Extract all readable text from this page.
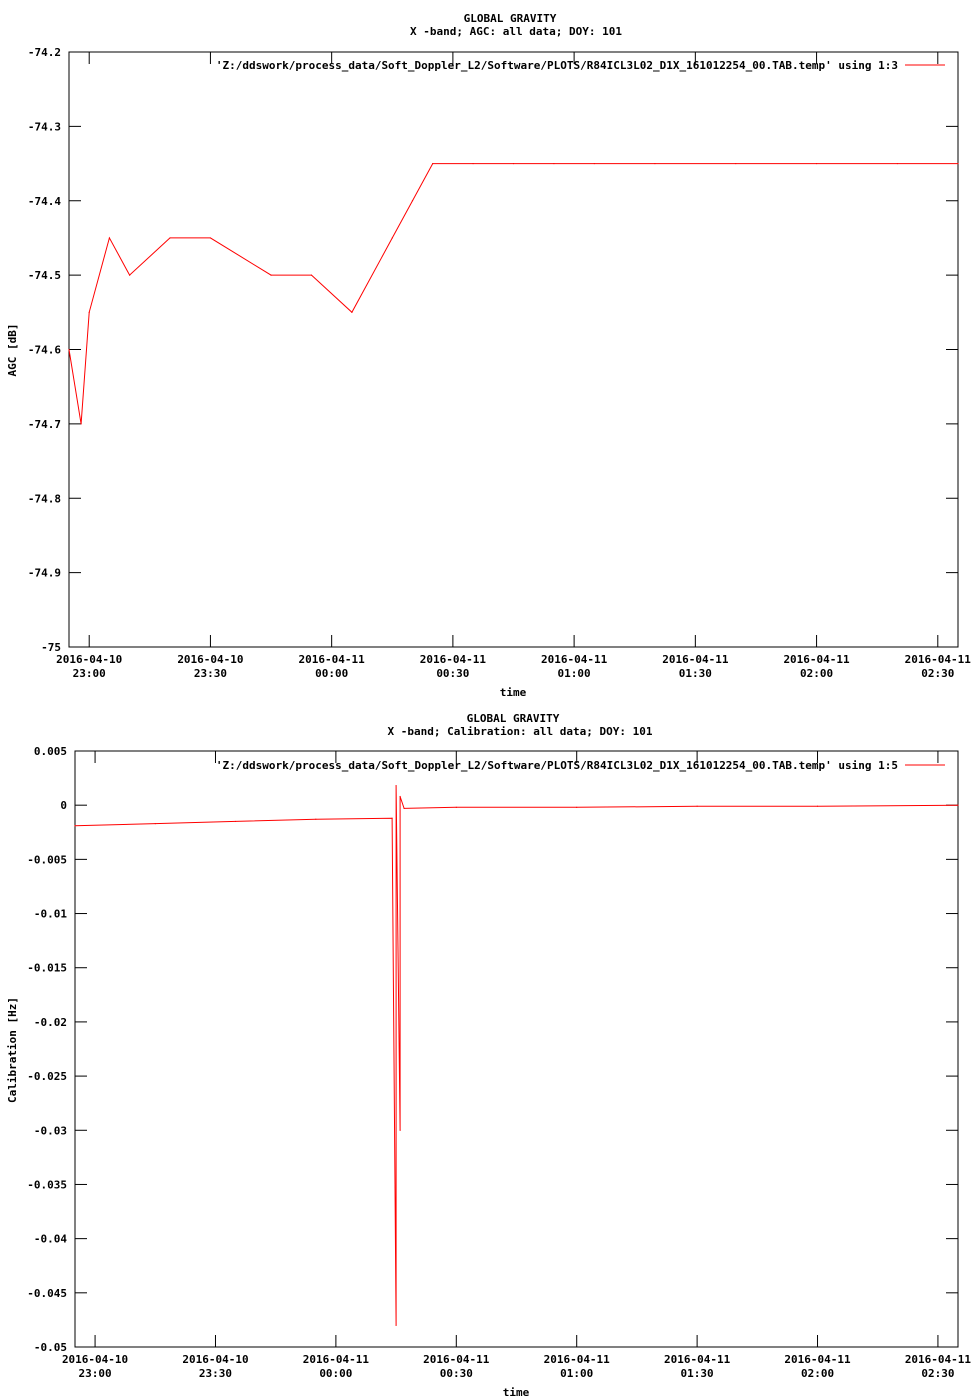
GLOBAL GRAVITY
X -band; AGC: all data; DOY: 101
AGC [dB]
time
'Z:/ddswork/process_data/Soft_Doppler_L2/Software/PLOTS/R84ICL3L02_D1X_161012254_00.TAB.temp' using 1:3
-74.2
-74.3
-74.4
-74.5
-74.6
-74.7
-74.8
-74.9
-75
2016-04-10
23:00
2016-04-10
23:30
2016-04-11
00:00
2016-04-11
00:30
2016-04-11
01:00
2016-04-11
01:30
2016-04-11
02:00
2016-04-11
02:30
GLOBAL GRAVITY
X -band; Calibration: all data; DOY: 101
Calibration [Hz]
time
'Z:/ddswork/process_data/Soft_Doppler_L2/Software/PLOTS/R84ICL3L02_D1X_161012254_00.TAB.temp' using 1:5
0.005
0
-0.005
-0.01
-0.015
-0.02
-0.025
-0.03
-0.035
-0.04
-0.045
-0.05
2016-04-10
23:00
2016-04-10
23:30
2016-04-11
00:00
2016-04-11
00:30
2016-04-11
01:00
2016-04-11
01:30
2016-04-11
02:00
2016-04-11
02:30
